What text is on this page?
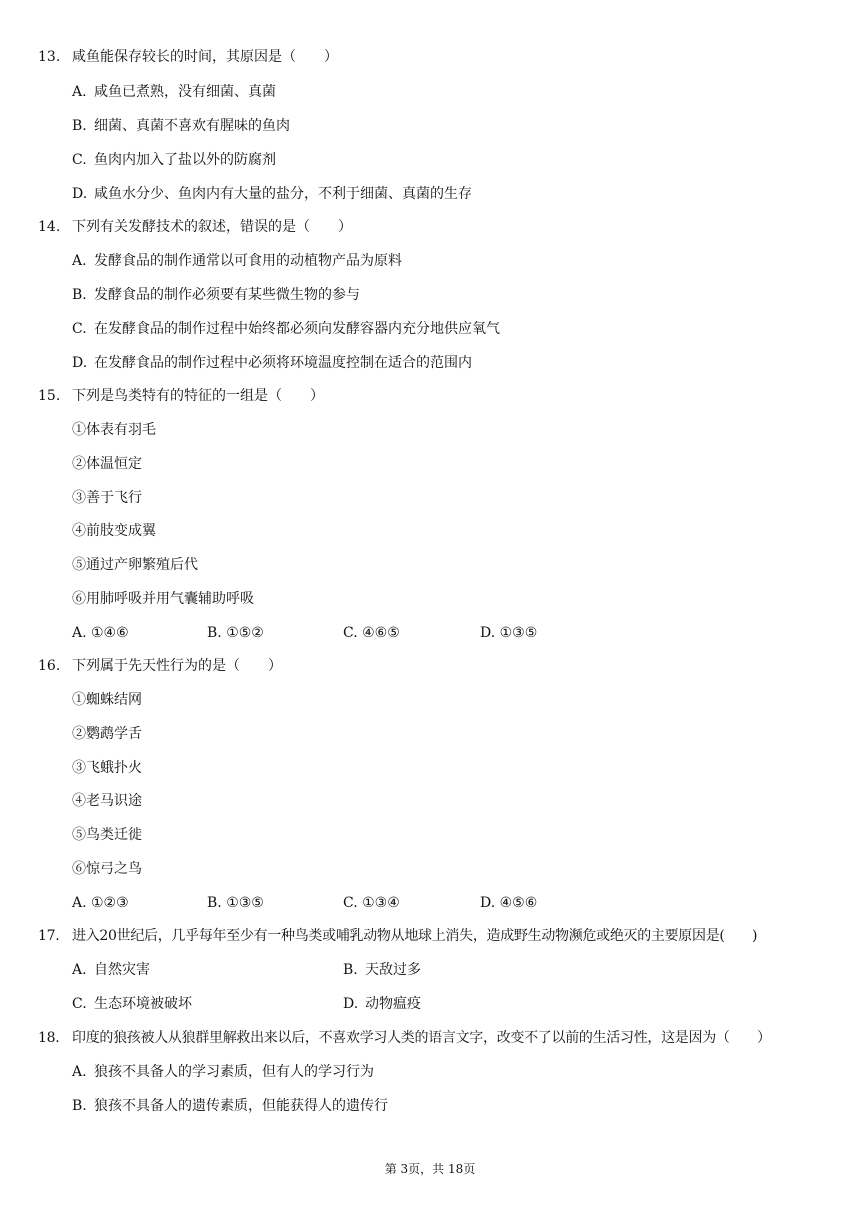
13. 咸鱼能保存较长的时间，其原因是（　　）
A. 咸鱼已煮熟，没有细菌、真菌
B. 细菌、真菌不喜欢有腥味的鱼肉
C. 鱼肉内加入了盐以外的防腐剂
D. 咸鱼水分少、鱼肉内有大量的盐分，不利于细菌、真菌的生存
14. 下列有关发酵技术的叙述，错误的是（　　）
A. 发酵食品的制作通常以可食用的动植物产品为原料
B. 发酵食品的制作必须要有某些微生物的参与
C. 在发酵食品的制作过程中始终都必须向发酵容器内充分地供应氧气
D. 在发酵食品的制作过程中必须将环境温度控制在适合的范围内
15. 下列是鸟类特有的特征的一组是（　　）
①体表有羽毛
②体温恒定
③善于飞行
④前肢变成翼
⑤通过产卵繁殖后代
⑥用肺呼吸并用气囊辅助呼吸
A. ①④⑥	B. ①⑤②	C. ④⑥⑤	D. ①③⑤
16. 下列属于先天性行为的是（　　）
①蜘蛛结网
②鹦鹉学舌
③飞蛾扑火
④老马识途
⑤鸟类迁徙
⑥惊弓之鸟
A. ①②③	B. ①③⑤	C. ①③④	D. ④⑤⑥
17. 进入20世纪后，几乎每年至少有一种鸟类或哺乳动物从地球上消失，造成野生动物濒危或绝灭的主要原因是(　　)
A. 自然灾害	B. 天敌过多
C. 生态环境被破坏	D. 动物瘟疫
18. 印度的狼孩被人从狼群里解救出来以后，不喜欢学习人类的语言文字，改变不了以前的生活习性，这是因为（　　）
A. 狼孩不具备人的学习素质，但有人的学习行为
B. 狼孩不具备人的遗传素质，但能获得人的遗传行
第 3页，共 18页
